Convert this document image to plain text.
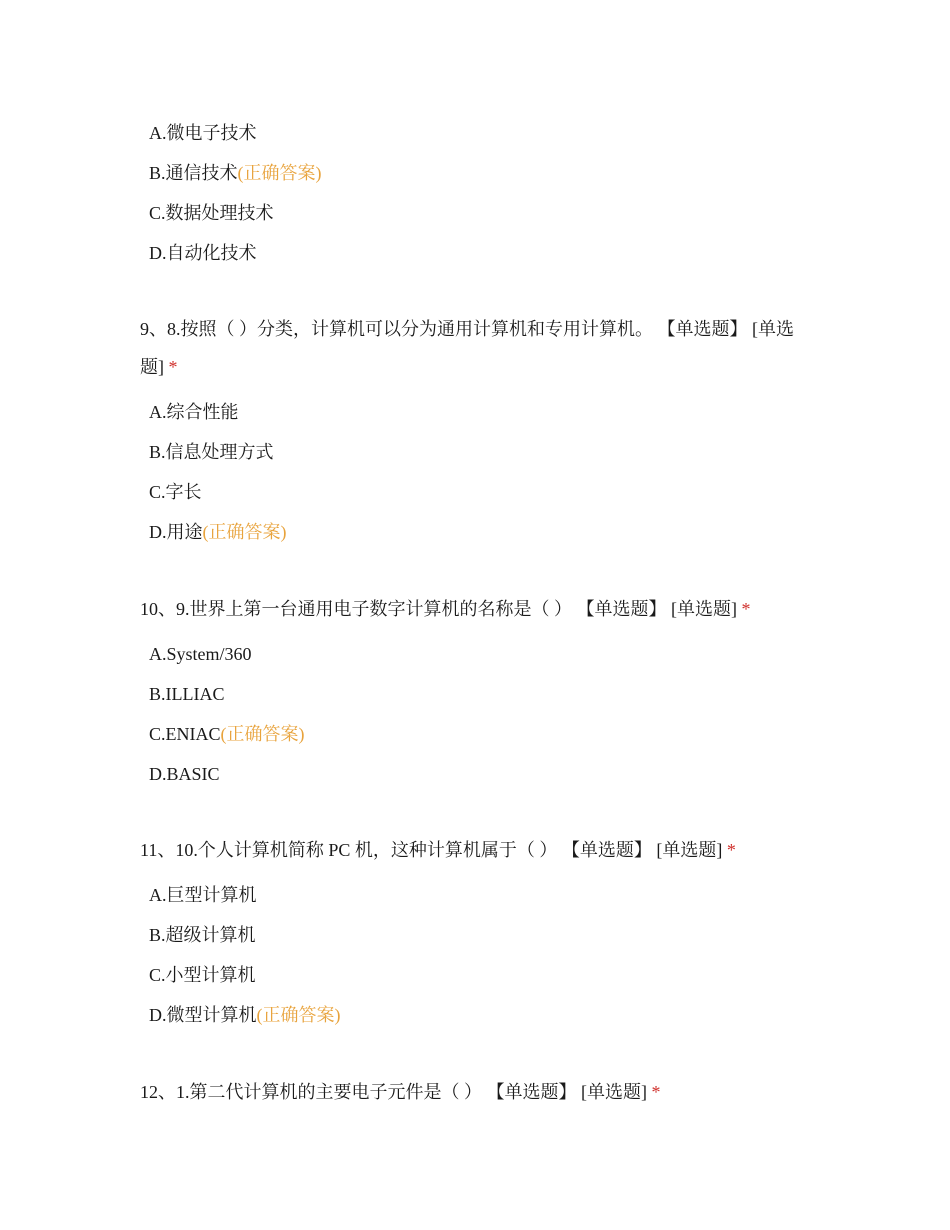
A.微电子技术
B.通信技术(正确答案)
C.数据处理技术
D.自动化技术
9、8.按照（ ）分类，计算机可以分为通用计算机和专用计算机。 【单选题】 [单选题] *
A.综合性能
B.信息处理方式
C.字长
D.用途(正确答案)
10、9.世界上第一台通用电子数字计算机的名称是（ ） 【单选题】 [单选题] *
A.System/360
B.ILLIAC
C.ENIAC(正确答案)
D.BASIC
11、10.个人计算机简称 PC 机，这种计算机属于（ ） 【单选题】 [单选题] *
A.巨型计算机
B.超级计算机
C.小型计算机
D.微型计算机(正确答案)
12、1.第二代计算机的主要电子元件是（ ） 【单选题】 [单选题] *
